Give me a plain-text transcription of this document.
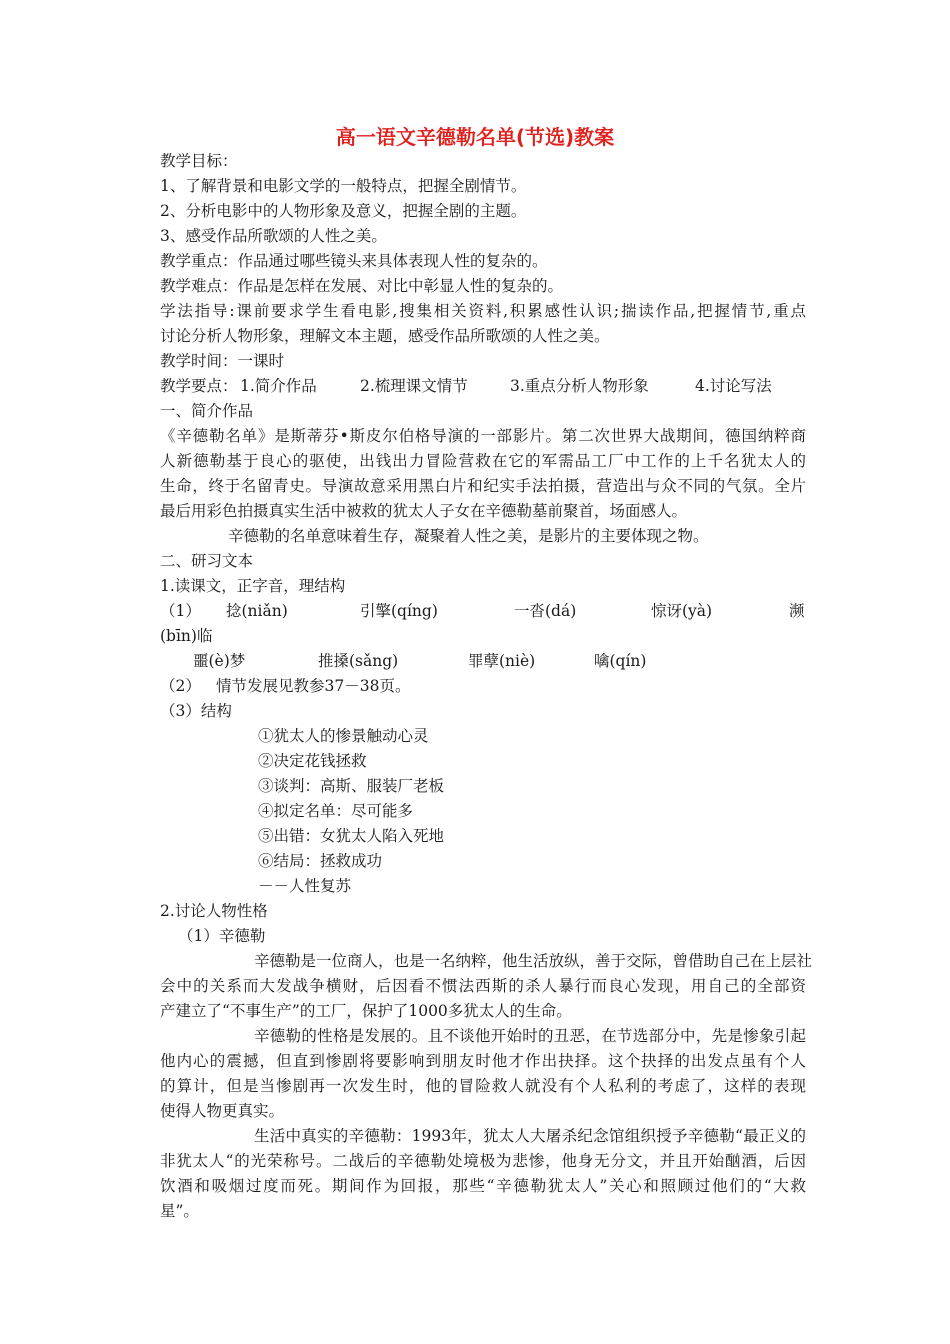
高一语文辛德勒名单(节选)教案
教学目标：
1、了解背景和电影文学的一般特点，把握全剧情节。
2、分析电影中的人物形象及意义，把握全剧的主题。
3、感受作品所歌颂的人性之美。
教学重点：作品通过哪些镜头来具体表现人性的复杂的。
教学难点：作品是怎样在发展、对比中彰显人性的复杂的。
学法指导:课前要求学生看电影,搜集相关资料,积累感性认识;揣读作品,把握情节,重点
讨论分析人物形象，理解文本主题，感受作品所歌颂的人性之美。
教学时间：一课时
教学要点： 1.简介作品	2.梳理课文情节	3.重点分析人物形象	4.讨论写法
一、简介作品
《辛德勒名单》是斯蒂芬•斯皮尔伯格导演的一部影片。第二次世界大战期间，德国纳粹商
人新德勒基于良心的驱使，出钱出力冒险营救在它的军需品工厂中工作的上千名犹太人的
生命，终于名留青史。导演故意采用黑白片和纪实手法拍摄，营造出与众不同的气氛。全片
最后用彩色拍摄真实生活中被救的犹太人子女在辛德勒墓前聚首，场面感人。
辛德勒的名单意味着生存，凝聚着人性之美，是影片的主要体现之物。
二、研习文本
1.读课文，正字音，理结构
（1）	捻(niǎn)	引擎(qíng)	一沓(dá)	惊讶(yà)	濒
(bīn)临
噩(è)梦	推搡(sǎng)	罪孽(niè)	噙(qín)
（2） 情节发展见教参37－38页。
（3）结构
①犹太人的惨景触动心灵
②决定花钱拯救
③谈判：高斯、服装厂老板
④拟定名单：尽可能多
⑤出错：女犹太人陷入死地
⑥结局：拯救成功
－－人性复苏
2.讨论人物性格
（1）辛德勒
辛德勒是一位商人，也是一名纳粹，他生活放纵，善于交际，曾借助自己在上层社
会中的关系而大发战争横财，后因看不惯法西斯的杀人暴行而良心发现，用自己的全部资
产建立了“不事生产”的工厂，保护了1000多犹太人的生命。
辛德勒的性格是发展的。且不谈他开始时的丑恶，在节选部分中，先是惨象引起
他内心的震撼，但直到惨剧将要影响到朋友时他才作出抉择。这个抉择的出发点虽有个人
的算计，但是当惨剧再一次发生时，他的冒险救人就没有个人私利的考虑了，这样的表现
使得人物更真实。
生活中真实的辛德勒：1993年，犹太人大屠杀纪念馆组织授予辛德勒“最正义的
非犹太人“的光荣称号。二战后的辛德勒处境极为悲惨，他身无分文，并且开始酗酒，后因
饮酒和吸烟过度而死。期间作为回报，那些“辛德勒犹太人”关心和照顾过他们的“大救
星”。
